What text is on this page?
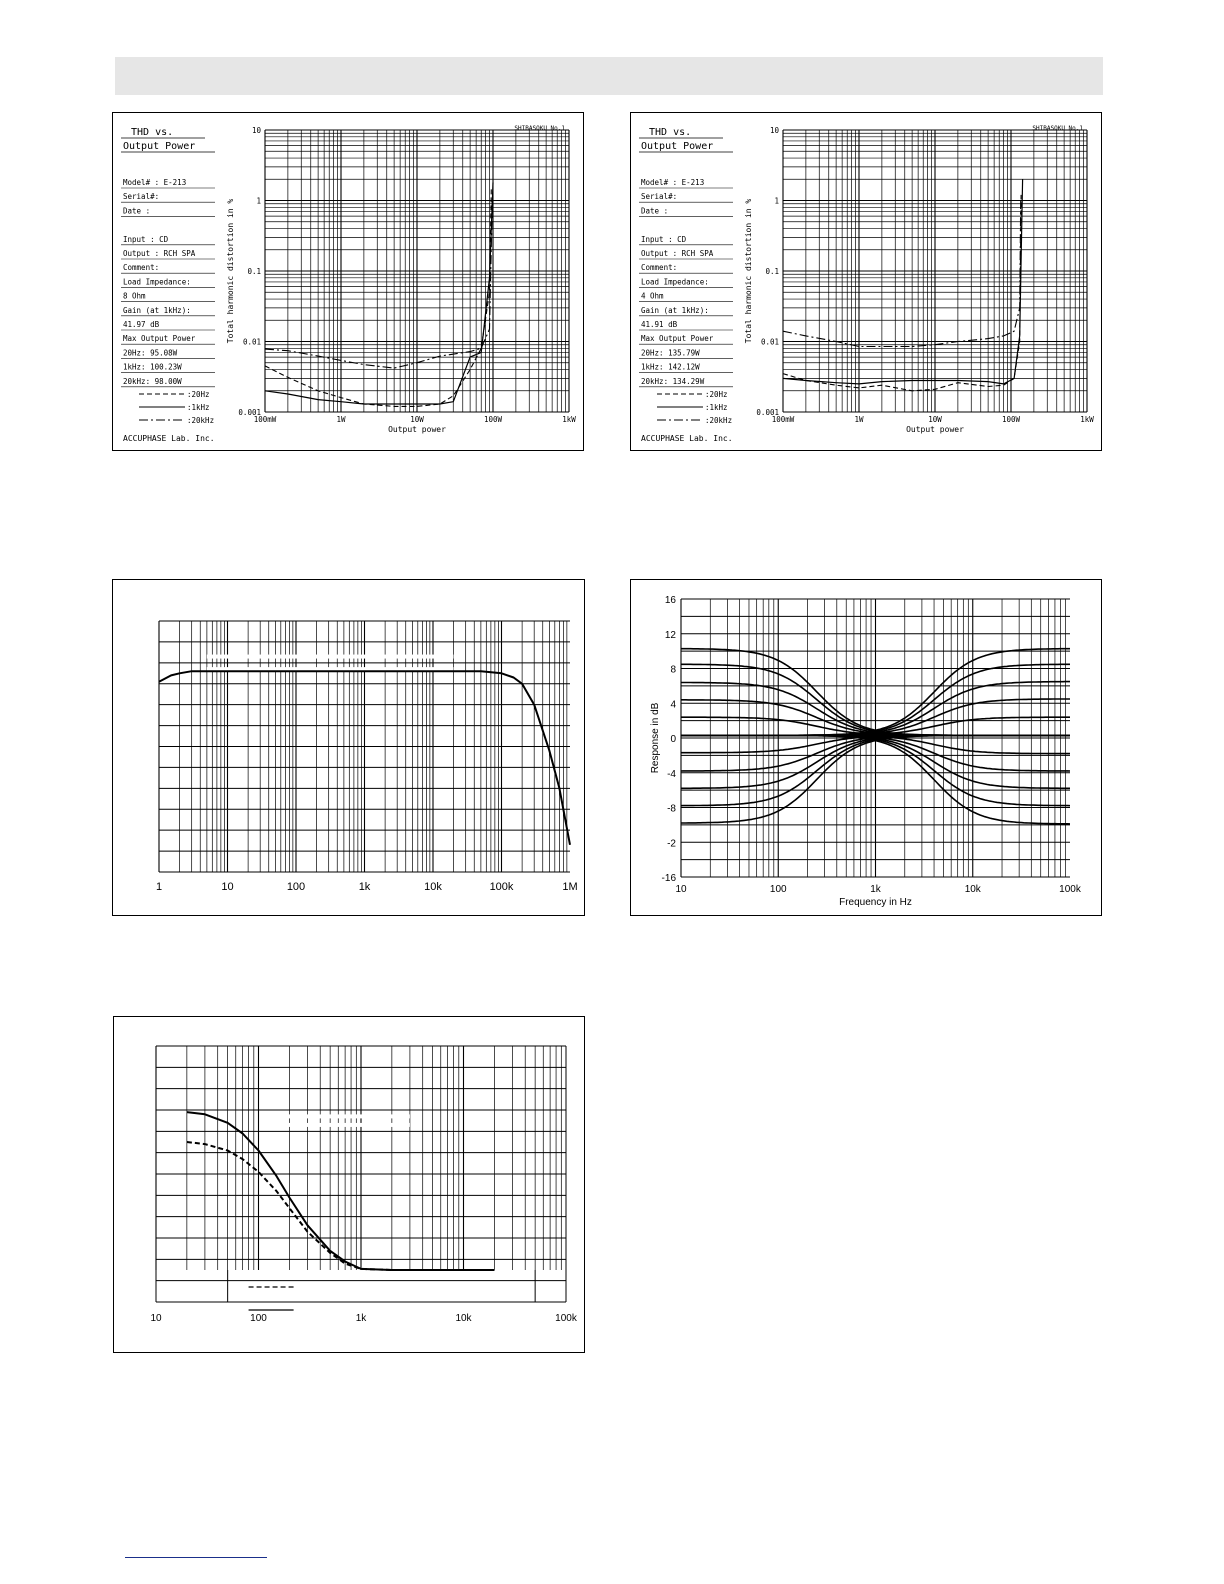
THD vs.
Output Power
Model# : E-213
Serial#:
Date :
Input : CD
Output : RCH SPA
Comment:
Load Impedance:
8 Ohm
Gain (at 1kHz):
41.97 dB
Max Output Power
20Hz: 95.08W
1kHz: 100.23W
20kHz: 98.00W
:20Hz
:1kHz
:20kHz
ACCUPHASE Lab. Inc.
SHIBASOKU No.1
100mW	1W	10W	100W	1kW
10
1
0.1
0.01
0.001
Output power
Total harmonic distortion in %
THD vs.
Output Power
Model# : E-213
Serial#:
Date :
Input : CD
Output : RCH SPA
Comment:
Load Impedance:
4 Ohm
Gain (at 1kHz):
41.91 dB
Max Output Power
20Hz: 135.79W
1kHz: 142.12W
20kHz: 134.29W
:20Hz
:1kHz
:20kHz
ACCUPHASE Lab. Inc.
SHIBASOKU No.1
100mW	1W	10W	100W	1kW
10
1
0.1
0.01
0.001
Output power
Total harmonic distortion in %
1	10	100	1k	10k	100k	1M
16
12
8
4
0
-4
-8
-2
-16
10	100	1k	10k	100k
Frequency in Hz
Response in dB
10	100	1k	10k	100k
